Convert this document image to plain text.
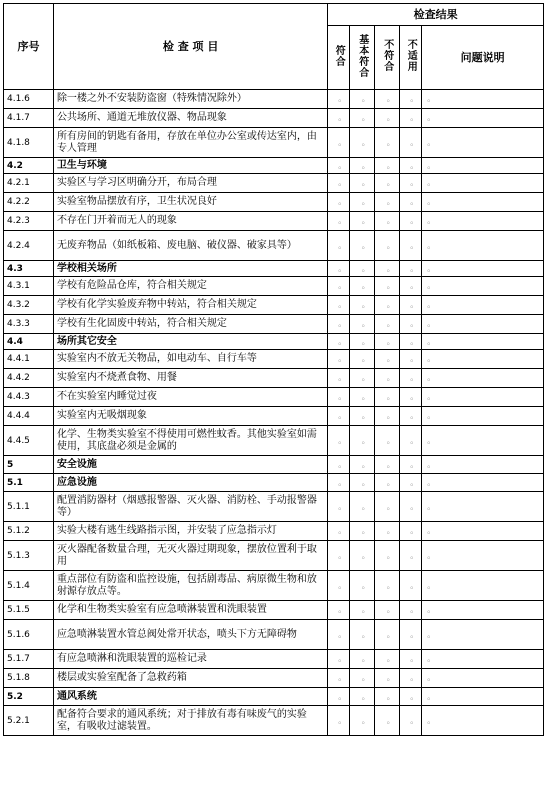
序号	检 查 项 目	检查结果				
		符合	基本符合	不符合	不适用	问题说明
4.1.6	除一楼之外不安装防盗窗（特殊情况除外）	。	。	。	。	。
4.1.7	公共场所、通道无堆放仪器、物品现象	。	。	。	。	。
4.1.8	所有房间的钥匙有备用，存放在单位办公室或传达室内，由专人管理	。	。	。	。	。
4.2	卫生与环境	。	。	。	。	。
4.2.1	实验区与学习区明确分开，布局合理	。	。	。	。	。
4.2.2	实验室物品摆放有序，卫生状况良好	。	。	。	。	。
4.2.3	不存在门开着而无人的现象	。	。	。	。	。
4.2.4	无废弃物品（如纸板箱、废电脑、破仪器、破家具等）	。	。	。	。	。
4.3	学校相关场所	。	。	。	。	。
4.3.1	学校有危险品仓库，符合相关规定	。	。	。	。	。
4.3.2	学校有化学实验废弃物中转站，符合相关规定	。	。	。	。	。
4.3.3	学校有生化固废中转站，符合相关规定	。	。	。	。	。
4.4	场所其它安全	。	。	。	。	。
4.4.1	实验室内不放无关物品，如电动车、自行车等	。	。	。	。	。
4.4.2	实验室内不烧煮食物、用餐	。	。	。	。	。
4.4.3	不在实验室内睡觉过夜	。	。	。	。	。
4.4.4	实验室内无吸烟现象	。	。	。	。	。
4.4.5	化学、生物类实验室不得使用可燃性蚊香。其他实验室如需使用，其底盘必须是金属的	。	。	。	。	。
5	安全设施	。	。	。	。	。
5.1	应急设施	。	。	。	。	。
5.1.1	配置消防器材（烟感报警器、灭火器、消防栓、手动报警器等）	。	。	。	。	。
5.1.2	实验大楼有逃生线路指示图，并安装了应急指示灯	。	。	。	。	。
5.1.3	灭火器配备数量合理，无灭火器过期现象，摆放位置利于取用	。	。	。	。	。
5.1.4	重点部位有防盗和监控设施，包括剧毒品、病原微生物和放射源存放点等。	。	。	。	。	。
5.1.5	化学和生物类实验室有应急喷淋装置和洗眼装置	。	。	。	。	。
5.1.6	应急喷淋装置水管总阀处常开状态，喷头下方无障碍物	。	。	。	。	。
5.1.7	有应急喷淋和洗眼装置的巡检记录	。	。	。	。	。
5.1.8	楼层或实验室配备了急救药箱	。	。	。	。	。
5.2	通风系统	。	。	。	。	。
5.2.1	配备符合要求的通风系统；对于排放有毒有味废气的实验室，有吸收过滤装置。	。	。	。	。	。
